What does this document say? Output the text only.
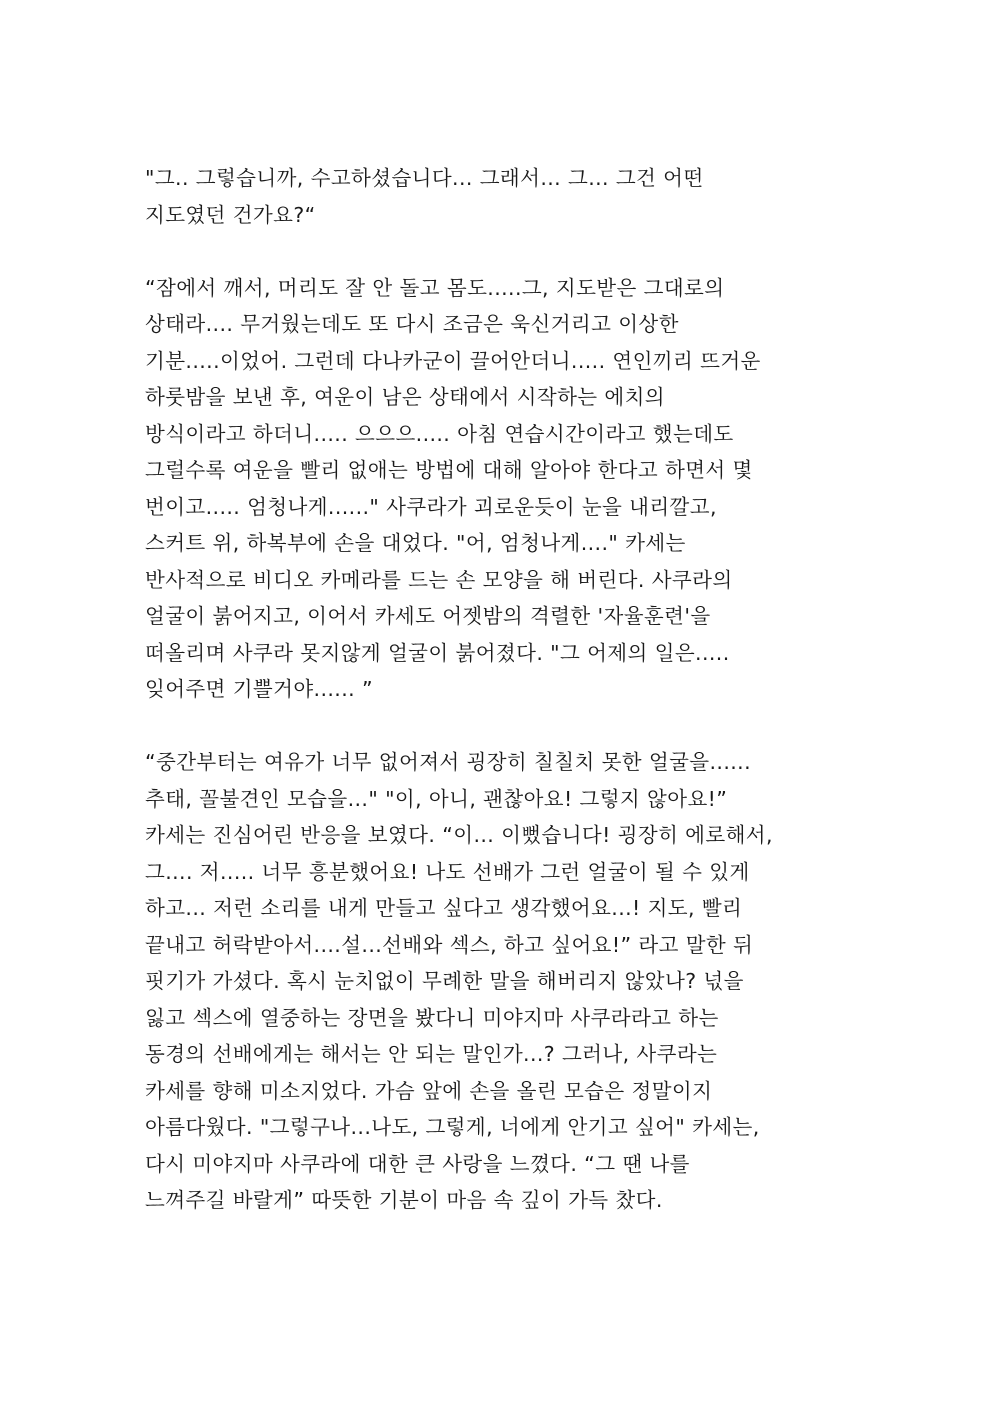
"그.. 그렇습니까, 수고하셨습니다... 그래서... 그... 그건 어떤
지도였던 건가요?“

“잠에서 깨서, 머리도 잘 안 돌고 몸도.....그, 지도받은 그대로의
상태라.... 무거웠는데도 또 다시 조금은 욱신거리고 이상한
기분.....이었어. 그런데 다나카군이 끌어안더니..... 연인끼리 뜨거운
하룻밤을 보낸 후, 여운이 남은 상태에서 시작하는 에치의
방식이라고 하더니..... 으으으..... 아침 연습시간이라고 했는데도
그럴수록 여운을 빨리 없애는 방법에 대해 알아야 한다고 하면서 몇
번이고..... 엄청나게......" 사쿠라가 괴로운듯이 눈을 내리깔고,
스커트 위, 하복부에 손을 대었다. "어, 엄청나게...." 카세는
반사적으로 비디오 카메라를 드는 손 모양을 해 버린다. 사쿠라의
얼굴이 붉어지고, 이어서 카세도 어젯밤의 격렬한 '자율훈련'을
떠올리며 사쿠라 못지않게 얼굴이 붉어졌다. "그 어제의 일은.....
잊어주면 기쁠거야...... ”

“중간부터는 여유가 너무 없어져서 굉장히 칠칠치 못한 얼굴을......
추태, 꼴불견인 모습을..." "이, 아니, 괜찮아요! 그렇지 않아요!”
카세는 진심어린 반응을 보였다. “이... 이뻤습니다! 굉장히 에로해서,
그.... 저..... 너무 흥분했어요! 나도 선배가 그런 얼굴이 될 수 있게
하고... 저런 소리를 내게 만들고 싶다고 생각했어요...! 지도, 빨리
끝내고 허락받아서....설...선배와 섹스, 하고 싶어요!” 라고 말한 뒤
핏기가 가셨다. 혹시 눈치없이 무례한 말을 해버리지 않았나? 넋을
잃고 섹스에 열중하는 장면을 봤다니 미야지마 사쿠라라고 하는
동경의 선배에게는 해서는 안 되는 말인가...? 그러나, 사쿠라는
카세를 향해 미소지었다. 가슴 앞에 손을 올린 모습은 정말이지
아름다웠다. "그렇구나...나도, 그렇게, 너에게 안기고 싶어" 카세는,
다시 미야지마 사쿠라에 대한 큰 사랑을 느꼈다. “그 땐 나를
느껴주길 바랄게” 따뜻한 기분이 마음 속 깊이 가득 찼다.
